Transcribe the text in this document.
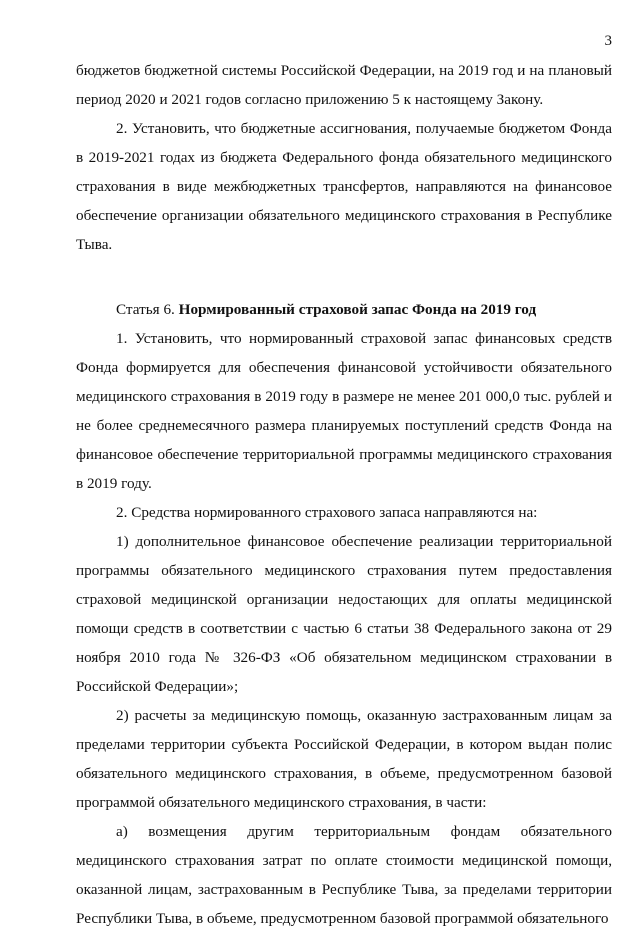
3

бюджетов бюджетной системы Российской Федерации, на 2019 год и на плановый период 2020 и 2021 годов согласно приложению 5 к настоящему Закону.

2. Установить, что бюджетные ассигнования, получаемые бюджетом Фонда в 2019-2021 годах из бюджета Федерального фонда обязательного медицинского страхования в виде межбюджетных трансфертов, направляются на финансовое обеспечение организации обязательного медицинского страхования в Республике Тыва.

Статья 6. Нормированный страховой запас Фонда на 2019 год

1. Установить, что нормированный страховой запас финансовых средств Фонда формируется для обеспечения финансовой устойчивости обязательного медицинского страхования в 2019 году в размере не менее 201 000,0 тыс. рублей и не более среднемесячного размера планируемых поступлений средств Фонда на финансовое обеспечение территориальной программы медицинского страхования в 2019 году.

2. Средства нормированного страхового запаса направляются на:

1) дополнительное финансовое обеспечение реализации территориальной программы обязательного медицинского страхования путем предоставления страховой медицинской организации недостающих для оплаты медицинской помощи средств в соответствии с частью 6 статьи 38 Федерального закона от 29 ноября 2010 года № 326-ФЗ «Об обязательном медицинском страховании в Российской Федерации»;

2) расчеты за медицинскую помощь, оказанную застрахованным лицам за пределами территории субъекта Российской Федерации, в котором выдан полис обязательного медицинского страхования, в объеме, предусмотренном базовой программой обязательного медицинского страхования, в части:

а) возмещения другим территориальным фондам обязательного медицинского страхования затрат по оплате стоимости медицинской помощи, оказанной лицам, застрахованным в Республике Тыва, за пределами территории Республики Тыва, в объеме, предусмотренном базовой программой обязательного
